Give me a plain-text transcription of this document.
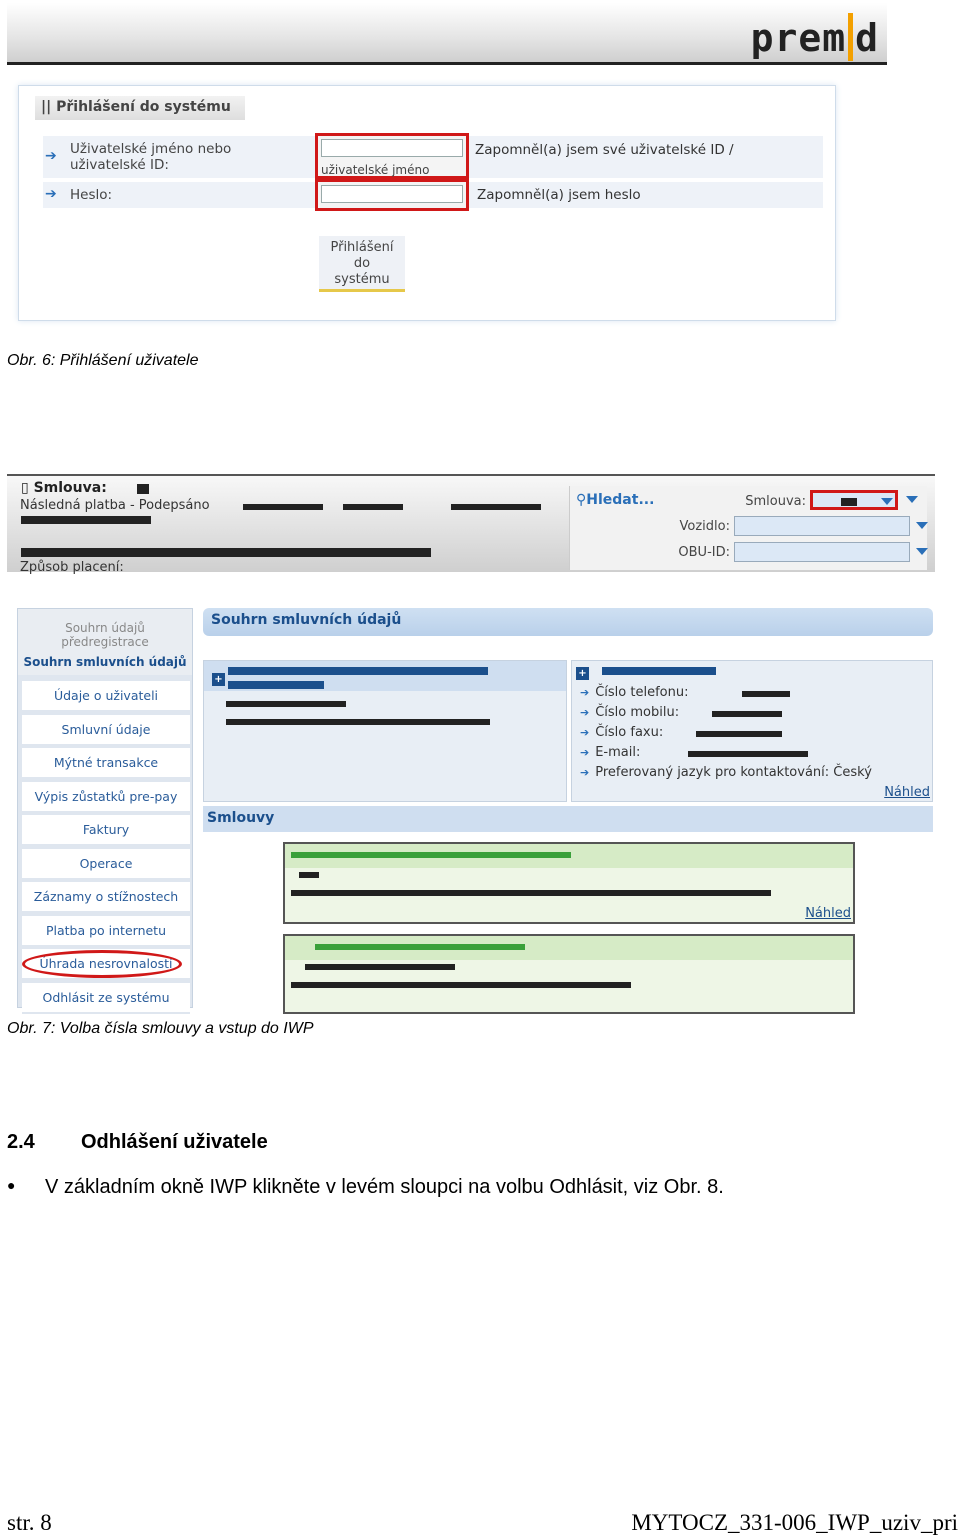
prem d
|| Přihlášení do systému
➔ Uživatelské jméno nebo
uživatelské ID:	uživatelské jméno
Zapomněl(a) jsem své uživatelské ID /
➔ Heslo:	Zapomněl(a) jsem heslo
Přihlášení
do
systému
Obr. 6: Přihlášení uživatele
▯ Smlouva:
Následná platba - Podepsáno
Způsob placení:
⚲Hledat...	Smlouva:
Vozidlo:
OBU-ID:
Souhrn údajů
předregistrace
Souhrn smluvních údajů
Údaje o uživateli
Smluvní údaje
Mýtné transakce
Výpis zůstatků pre-pay
Faktury
Operace
Záznamy o stížnostech
Platba po internetu
Úhrada nesrovnalostí
Odhlásit ze systému
Souhrn smluvních údajů
+
+
➔ Číslo telefonu:
➔ Číslo mobilu:
➔ Číslo faxu:
➔ E-mail:
➔ Preferovaný jazyk pro kontaktování: Český
Náhled
Smlouvy
Náhled
Obr. 7: Volba čísla smlouvy a vstup do IWP
2.4 Odhlášení uživatele
● V základním okně IWP klikněte v levém sloupci na volbu Odhlásit, viz Obr. 8.
str. 8	MYTOCZ_331-006_IWP_uziv_pri
